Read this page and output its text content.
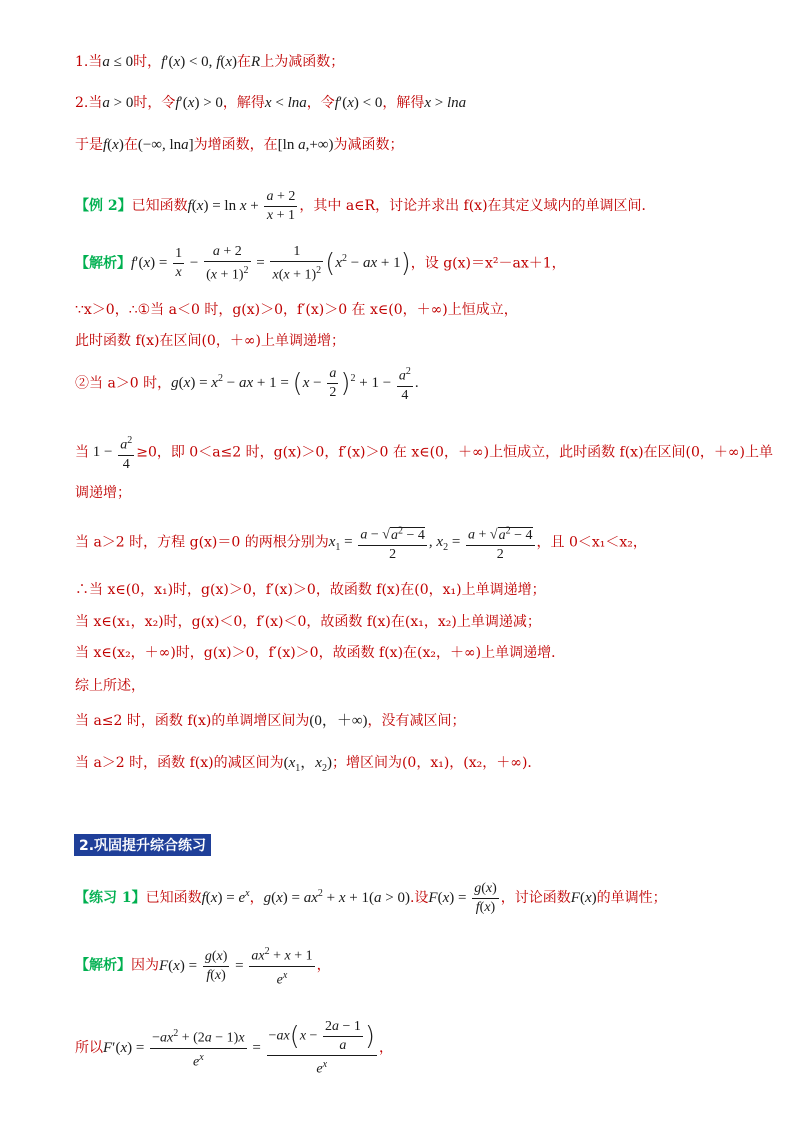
1.当a ≤ 0时，f′(x) < 0, f(x)在R上为减函数；
2.当a > 0时，令f′(x) > 0，解得x < lna，令f′(x) < 0，解得x > lna
于是f(x)在(−∞, lna]为增函数，在[ln a,+∞)为减函数；
【例 2】已知函数$f(x) = \ln x + \frac{a + 2}{x + 1}$ ，其中 a∈R，讨论并求出 f(x)在其定义域内的单调区间．
【解析】$f'(x) = \frac{1}{x} - \frac{a + 2}{(x + 1)^2} = \frac{1}{x(x + 1)^2} (x^2$ − ax + 1)，设 g(x)＝x²－ax＋1，
∵x＞0，∴①当 a＜0 时，g(x)＞0，f′(x)＞0 在 x∈(0，＋∞)上恒成立，
此时函数 f(x)在区间(0，＋∞)上单调递增；
②当 a＞0 时，$g(x) = x^2$ − ax + $1 = (x - \frac{a}{2} )^2 + 1 - \frac{a^2}{4}$ .
当 $1 - \frac{a^2}{4} \ge 0$，即 0＜a≤2 时，g(x)＞0，f′(x)＞0 在 x∈(0，＋∞)上恒成立，此时函数 f(x)在区间(0，＋∞)上单
调递增；
当 a＞2 时，方程 g(x)＝0 的两根分别为$x_1 = \frac{a - √a^2 - 4}{2}$ , $x_2 = \frac{a + √a^2 - 4}{2}$ ，且 0＜x₁＜x₂，
∴当 x∈(0，x₁)时，g(x)＞0，f′(x)＞0，故函数 f(x)在(0，x₁)上单调递增；
当 x∈(x₁，x₂)时，g(x)＜0，f′(x)＜0，故函数 f(x)在(x₁，x₂)上单调递减；
当 x∈(x₂，＋∞)时，g(x)＞0，f′(x)＞0，故函数 f(x)在(x₂，＋∞)上单调递增．
综上所述，
当 a≤2 时，函数 f(x)的单调增区间为(0，＋∞)，没有减区间；
当 a＞2 时，函数 f(x)的减区间为($x_1$，$x_2$)；增区间为(0，x₁)，(x₂，＋∞)．
2.巩固提升综合练习
【练习 1】已知函数$f(x) = e^x$，$g(x) = ax^2 + x + 1(a > 0)$.设$F(x) = \frac{g(x)}{f(x)}$ ，讨论函数F(x)的单调性；
【解析】因为$F(x) = \frac{g(x)}{f(x)} = \frac{ax^2 + x + 1}{e^x}$ ，
所以$F'(x) = \frac{-ax^2 + (2a - 1)x}{e^x} = \frac{-ax(x - \frac{2a - 1}{a} )}{e^x}$ ，
